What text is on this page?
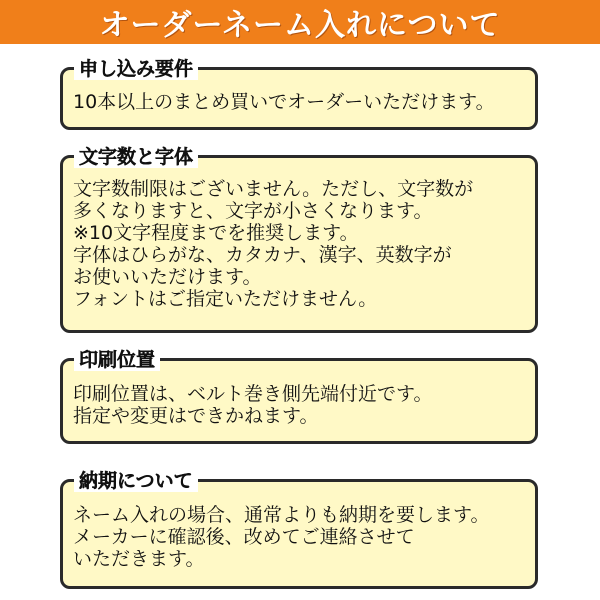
オーダーネーム入れについて
10本以上のまとめ買いでオーダーいただけます。
申し込み要件
文字数制限はございません。ただし、文字数が
多くなりますと、文字が小さくなります。
※10文字程度までを推奨します。
字体はひらがな、カタカナ、漢字、英数字が
お使いいただけます。
フォントはご指定いただけません。
文字数と字体
印刷位置は、ベルト巻き側先端付近です。
指定や変更はできかねます。
印刷位置
ネーム入れの場合、通常よりも納期を要します。
メーカーに確認後、改めてご連絡させて
いただきます。
納期について
